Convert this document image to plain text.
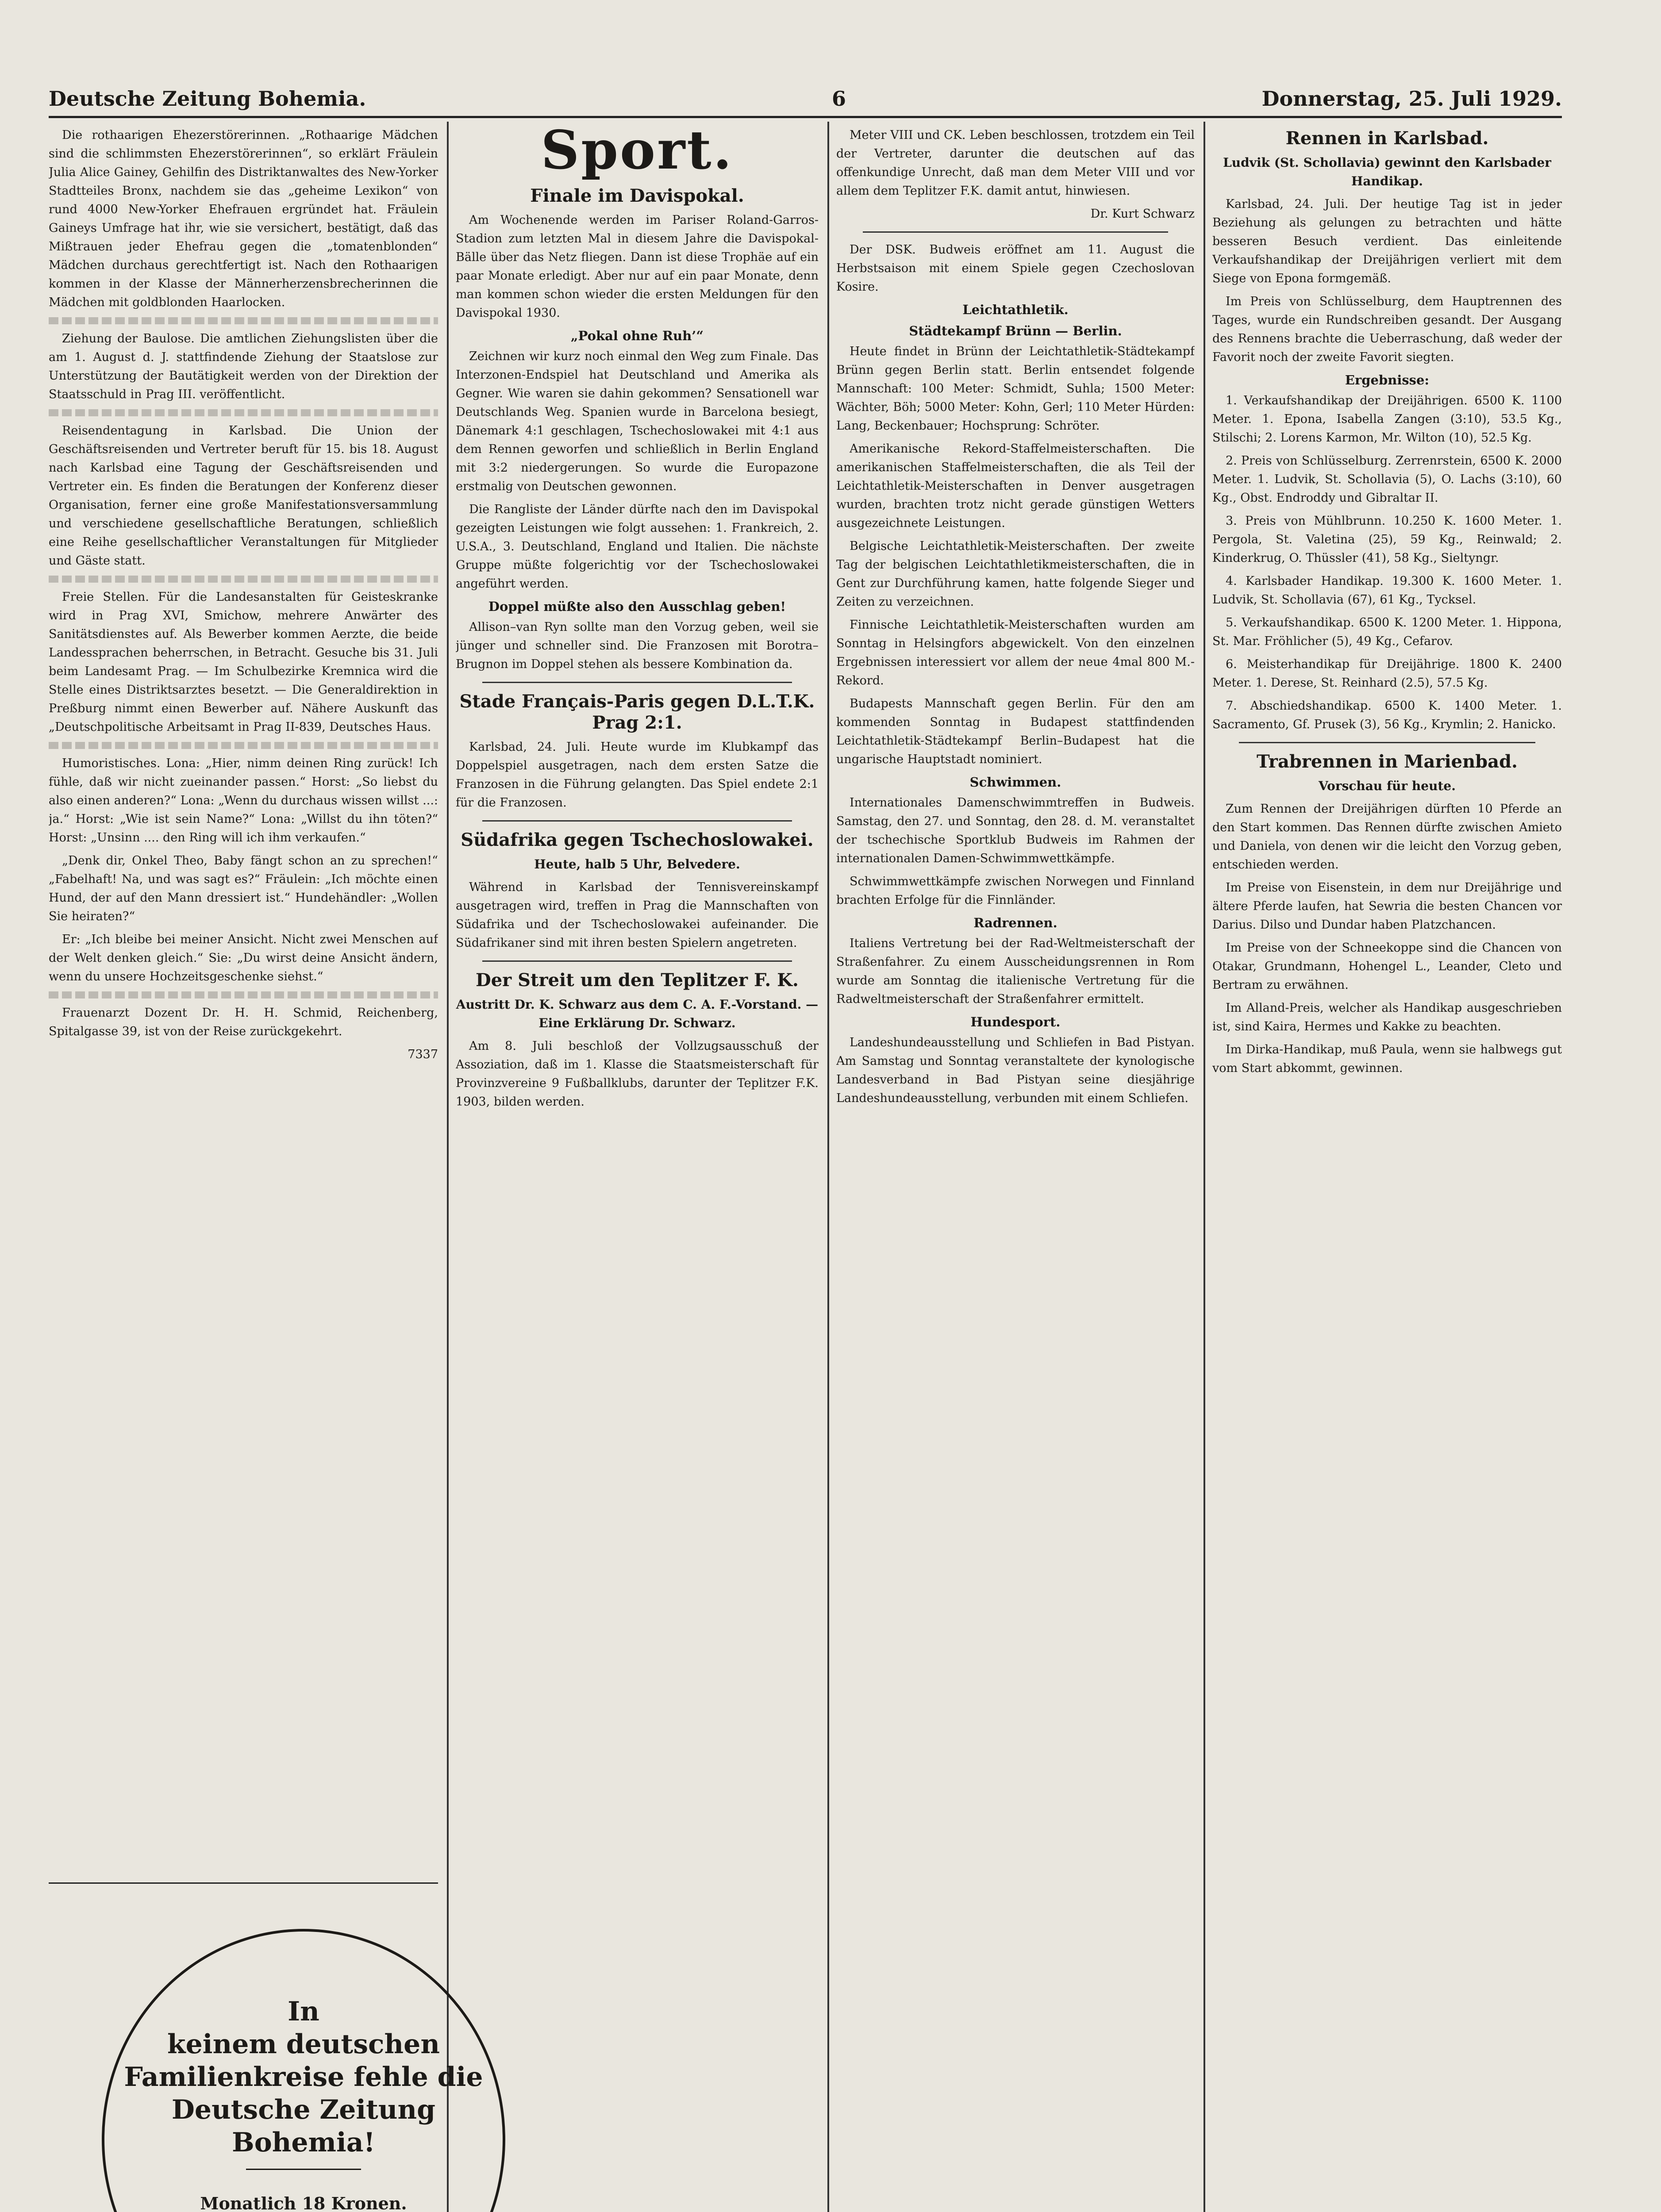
Deutsche Zeitung Bohemia.	6	Donnerstag, 25. Juli 1929.

Die rothaarigen Ehezerstörerinnen. „Rothaarige Mädchen sind die schlimmsten Ehezerstörerinnen“, so erklärt Fräulein Julia Alice Gainey, Gehilfin des Distriktanwaltes des New-Yorker Stadtteiles Bronx, nachdem sie das „geheime Lexikon“ von rund 4000 New-Yorker Ehefrauen ergründet hat. Fräulein Gaineys Umfrage hat ihr, wie sie versichert, bestätigt, daß das Mißtrauen jeder Ehefrau gegen die „tomatenblonden“ Mädchen durchaus gerechtfertigt ist. Nach den Rothaarigen kommen in der Klasse der Männerherzensbrecherinnen die Mädchen mit goldblonden Haarlocken.

Ziehung der Baulose. Die amtlichen Ziehungslisten über die am 1. August d. J. stattfindende Ziehung der Staatslose zur Unterstützung der Bautätigkeit werden von der Direktion der Staatsschuld in Prag III. veröffentlicht.

Reisendentagung in Karlsbad. Die Union der Geschäftsreisenden und Vertreter beruft für 15. bis 18. August nach Karlsbad eine Tagung der Geschäftsreisenden und Vertreter ein. Es finden die Beratungen der Konferenz dieser Organisation, ferner eine große Manifestationsversammlung und verschiedene gesellschaftliche Beratungen, schließlich eine Reihe gesellschaftlicher Veranstaltungen für Mitglieder und Gäste statt.

Freie Stellen. Für die Landesanstalten für Geisteskranke wird in Prag XVI, Smichow, mehrere Anwärter des Sanitätsdienstes auf. Als Bewerber kommen Aerzte, die beide Landessprachen beherrschen, in Betracht. Gesuche bis 31. Juli beim Landesamt Prag. — Im Schulbezirke Kremnica wird die Stelle eines Distriktsarztes besetzt. — Die Generaldirektion in Preßburg nimmt einen Bewerber auf. Nähere Auskunft das „Deutschpolitische Arbeitsamt in Prag II-839, Deutsches Haus.

Humoristisches. Lona: „Hier, nimm deinen Ring zurück! Ich fühle, daß wir nicht zueinander passen.“ Horst: „So liebst du also einen anderen?“ Lona: „Wenn du durchaus wissen willst ...: ja.“ Horst: „Wie ist sein Name?“ Lona: „Willst du ihn töten?“ Horst: „Unsinn .... den Ring will ich ihm verkaufen.“

„Denk dir, Onkel Theo, Baby fängt schon an zu sprechen!“ „Fabelhaft! Na, und was sagt es?“ Fräulein: „Ich möchte einen Hund, der auf den Mann dressiert ist.“ Hundehändler: „Wollen Sie heiraten?“

Er: „Ich bleibe bei meiner Ansicht. Nicht zwei Menschen auf der Welt denken gleich.“ Sie: „Du wirst deine Ansicht ändern, wenn du unsere Hochzeitsgeschenke siehst.“

Frauenarzt Dozent Dr. H. H. Schmid, Reichenberg, Spitalgasse 39, ist von der Reise zurückgekehrt.

7337
In
keinem deutschen
Familienkreise fehle die
Deutsche Zeitung Bohemia!
Monatlich 18 Kronen.
Sport.
Finale im Davispokal.

Am Wochenende werden im Pariser Roland-Garros-Stadion zum letzten Mal in diesem Jahre die Davispokal-Bälle über das Netz fliegen. Dann ist diese Trophäe auf ein paar Monate erledigt. Aber nur auf ein paar Monate, denn man kommen schon wieder die ersten Meldungen für den Davispokal 1930.

„Pokal ohne Ruh’“

Zeichnen wir kurz noch einmal den Weg zum Finale. Das Interzonen-Endspiel hat Deutschland und Amerika als Gegner. Wie waren sie dahin gekommen? Sensationell war Deutschlands Weg. Spanien wurde in Barcelona besiegt, Dänemark 4:1 geschlagen, Tschechoslowakei mit 4:1 aus dem Rennen geworfen und schließlich in Berlin England mit 3:2 niedergerungen. So wurde die Europazone erstmalig von Deutschen gewonnen.

Die Rangliste der Länder dürfte nach den im Davispokal gezeigten Leistungen wie folgt aussehen: 1. Frankreich, 2. U.S.A., 3. Deutschland, England und Italien. Die nächste Gruppe müßte folgerichtig vor der Tschechoslowakei angeführt werden.

Doppel müßte also den Ausschlag geben!

Allison–van Ryn sollte man den Vorzug geben, weil sie jünger und schneller sind. Die Franzosen mit Borotra–Brugnon im Doppel stehen als bessere Kombination da.

Stade Français-Paris gegen D.L.T.K. Prag 2:1.

Karlsbad, 24. Juli. Heute wurde im Klubkampf das Doppelspiel ausgetragen, nach dem ersten Satze die Franzosen in die Führung gelangten. Das Spiel endete 2:1 für die Franzosen.

Südafrika gegen Tschechoslowakei.
Heute, halb 5 Uhr, Belvedere.

Während in Karlsbad der Tennisvereinskampf ausgetragen wird, treffen in Prag die Mannschaften von Südafrika und der Tschechoslowakei aufeinander. Die Südafrikaner sind mit ihren besten Spielern angetreten.

Der Streit um den Teplitzer F. K.
Austritt Dr. K. Schwarz aus dem C. A. F.-Vorstand. — Eine Erklärung Dr. Schwarz.

Am 8. Juli beschloß der Vollzugsausschuß der Assoziation, daß im 1. Klasse die Staatsmeisterschaft für Provinzvereine 9 Fußballklubs, darunter der Teplitzer F.K. 1903, bilden werden.

Meter VIII und CK. Leben beschlossen, trotzdem ein Teil der Vertreter, darunter die deutschen auf das offenkundige Unrecht, daß man dem Meter VIII und vor allem dem Teplitzer F.K. damit antut, hinwiesen.

Dr. Kurt Schwarz

Der DSK. Budweis eröffnet am 11. August die Herbstsaison mit einem Spiele gegen Czechoslovan Kosire.

Leichtathletik.
Städtekampf Brünn — Berlin.

Heute findet in Brünn der Leichtathletik-Städtekampf Brünn gegen Berlin statt. Berlin entsendet folgende Mannschaft: 100 Meter: Schmidt, Suhla; 1500 Meter: Wächter, Böh; 5000 Meter: Kohn, Gerl; 110 Meter Hürden: Lang, Beckenbauer; Hochsprung: Schröter.

Amerikanische Rekord-Staffelmeisterschaften. Die amerikanischen Staffelmeisterschaften, die als Teil der Leichtathletik-Meisterschaften in Denver ausgetragen wurden, brachten trotz nicht gerade günstigen Wetters ausgezeichnete Leistungen.

Belgische Leichtathletik-Meisterschaften. Der zweite Tag der belgischen Leichtathletikmeisterschaften, die in Gent zur Durchführung kamen, hatte folgende Sieger und Zeiten zu verzeichnen.

Finnische Leichtathletik-Meisterschaften wurden am Sonntag in Helsingfors abgewickelt. Von den einzelnen Ergebnissen interessiert vor allem der neue 4mal 800 M.-Rekord.

Budapests Mannschaft gegen Berlin. Für den am kommenden Sonntag in Budapest stattfindenden Leichtathletik-Städtekampf Berlin–Budapest hat die ungarische Hauptstadt nominiert.

Schwimmen.

Internationales Damenschwimmtreffen in Budweis. Samstag, den 27. und Sonntag, den 28. d. M. veranstaltet der tschechische Sportklub Budweis im Rahmen der internationalen Damen-Schwimmwettkämpfe.

Schwimmwettkämpfe zwischen Norwegen und Finnland brachten Erfolge für die Finnländer.

Radrennen.

Italiens Vertretung bei der Rad-Weltmeisterschaft der Straßenfahrer. Zu einem Ausscheidungsrennen in Rom wurde am Sonntag die italienische Vertretung für die Radweltmeisterschaft der Straßenfahrer ermittelt.

Hundesport.

Landeshundeausstellung und Schliefen in Bad Pistyan. Am Samstag und Sonntag veranstaltete der kynologische Landesverband in Bad Pistyan seine diesjährige Landeshundeausstellung, verbunden mit einem Schliefen.

Rennen in Karlsbad.
Ludvik (St. Schollavia) gewinnt den Karlsbader Handikap.

Karlsbad, 24. Juli. Der heutige Tag ist in jeder Beziehung als gelungen zu betrachten und hätte besseren Besuch verdient. Das einleitende Verkaufshandikap der Dreijährigen verliert mit dem Siege von Epona formgemäß.

Im Preis von Schlüsselburg, dem Hauptrennen des Tages, wurde ein Rundschreiben gesandt. Der Ausgang des Rennens brachte die Ueberraschung, daß weder der Favorit noch der zweite Favorit siegten.

Ergebnisse:

1. Verkaufshandikap der Dreijährigen. 6500 K. 1100 Meter. 1. Epona, Isabella Zangen (3:10), 53.5 Kg., Stilschi; 2. Lorens Karmon, Mr. Wilton (10), 52.5 Kg.

2. Preis von Schlüsselburg. Zerrenrstein, 6500 K. 2000 Meter. 1. Ludvik, St. Schollavia (5), O. Lachs (3:10), 60 Kg., Obst. Endroddy und Gibraltar II.

3. Preis von Mühlbrunn. 10.250 K. 1600 Meter. 1. Pergola, St. Valetina (25), 59 Kg., Reinwald; 2. Kinderkrug, O. Thüssler (41), 58 Kg., Sieltyngr.

4. Karlsbader Handikap. 19.300 K. 1600 Meter. 1. Ludvik, St. Schollavia (67), 61 Kg., Tycksel.

5. Verkaufshandikap. 6500 K. 1200 Meter. 1. Hippona, St. Mar. Fröhlicher (5), 49 Kg., Cefarov.

6. Meisterhandikap für Dreijährige. 1800 K. 2400 Meter. 1. Derese, St. Reinhard (2.5), 57.5 Kg.

7. Abschiedshandikap. 6500 K. 1400 Meter. 1. Sacramento, Gf. Prusek (3), 56 Kg., Krymlin; 2. Hanicko.

Trabrennen in Marienbad.
Vorschau für heute.

Zum Rennen der Dreijährigen dürften 10 Pferde an den Start kommen. Das Rennen dürfte zwischen Amieto und Daniela, von denen wir die leicht den Vorzug geben, entschieden werden.

Im Preise von Eisenstein, in dem nur Dreijährige und ältere Pferde laufen, hat Sewria die besten Chancen vor Darius. Dilso und Dundar haben Platzchancen.

Im Preise von der Schneekoppe sind die Chancen von Otakar, Grundmann, Hohengel L., Leander, Cleto und Bertram zu erwähnen.

Im Alland-Preis, welcher als Handikap ausgeschrieben ist, sind Kaira, Hermes und Kakke zu beachten.

Im Dirka-Handikap, muß Paula, wenn sie halbwegs gut vom Start abkommt, gewinnen.
